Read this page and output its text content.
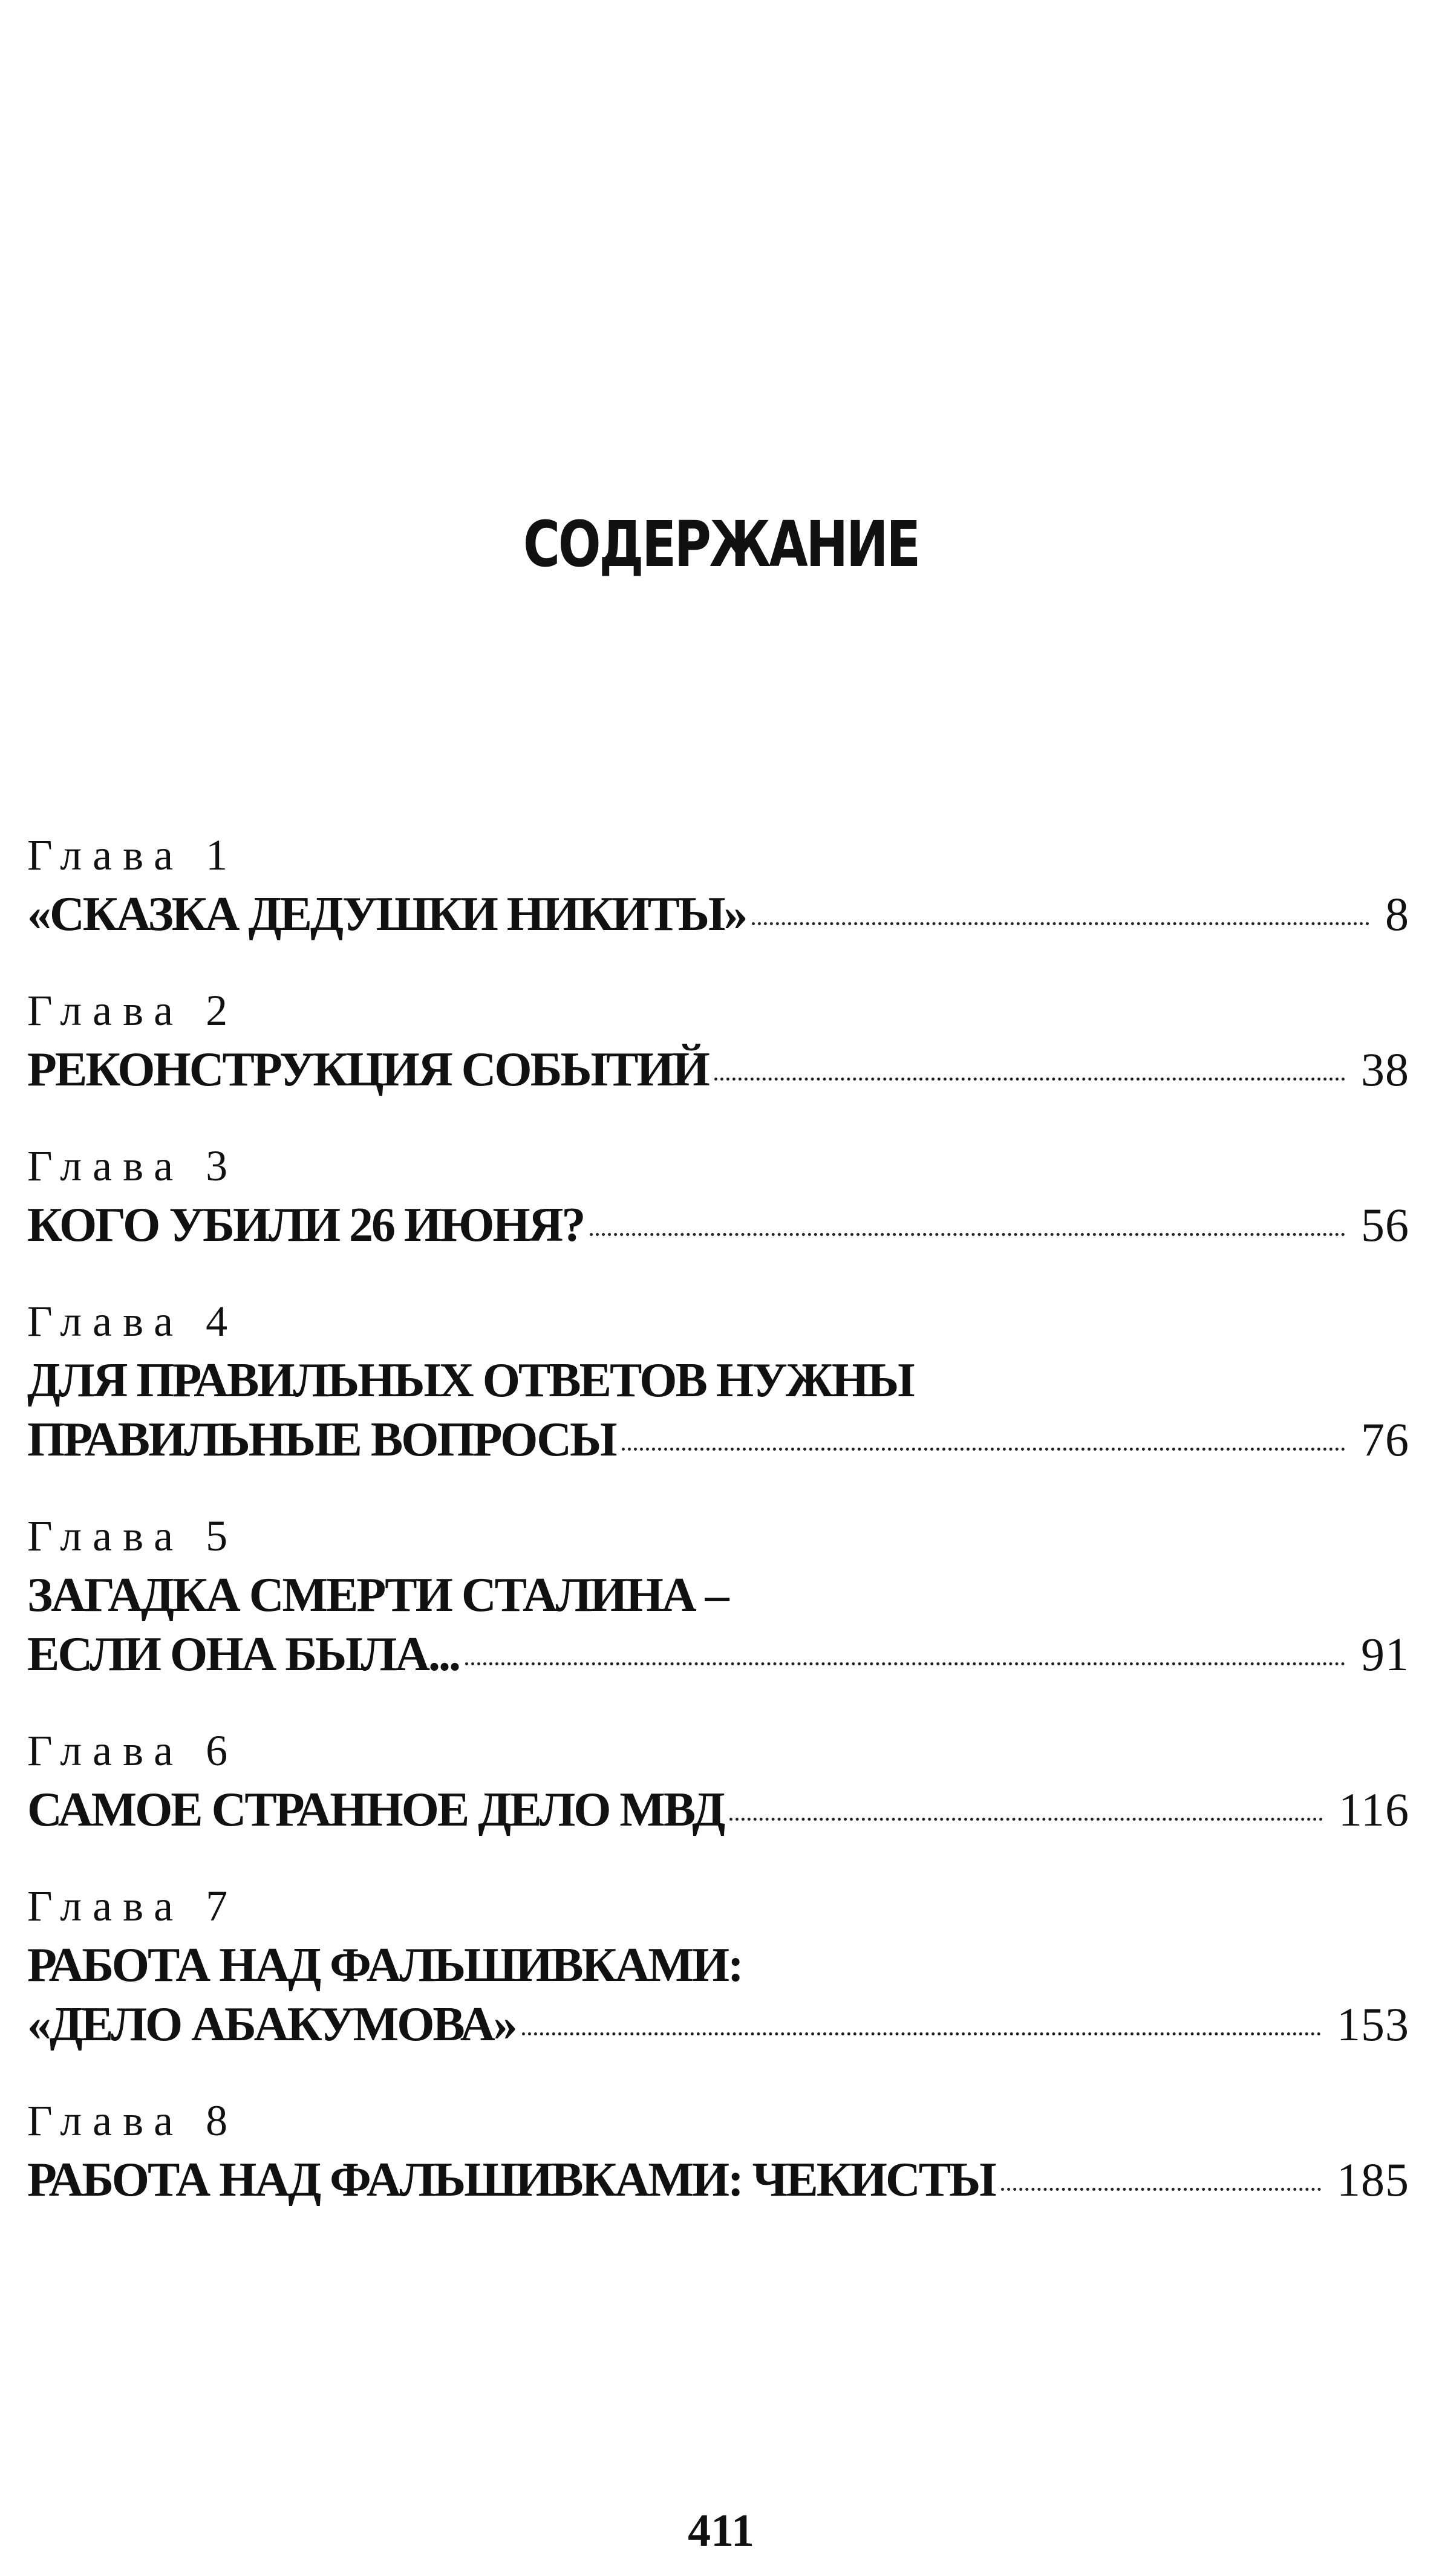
СОДЕРЖАНИЕ
Глава 1
«СКАЗКА ДЕДУШКИ НИКИТЫ»	8
Глава 2
РЕКОНСТРУКЦИЯ СОБЫТИЙ	38
Глава 3
КОГО УБИЛИ 26 ИЮНЯ?	56
Глава 4
ДЛЯ ПРАВИЛЬНЫХ ОТВЕТОВ НУЖНЫ
ПРАВИЛЬНЫЕ ВОПРОСЫ	76
Глава 5
ЗАГАДКА СМЕРТИ СТАЛИНА –
ЕСЛИ ОНА БЫЛА...	91
Глава 6
САМОЕ СТРАННОЕ ДЕЛО МВД	116
Глава 7
РАБОТА НАД ФАЛЬШИВКАМИ:
«ДЕЛО АБАКУМОВА»	153
Глава 8
РАБОТА НАД ФАЛЬШИВКАМИ: ЧЕКИСТЫ	185
411
